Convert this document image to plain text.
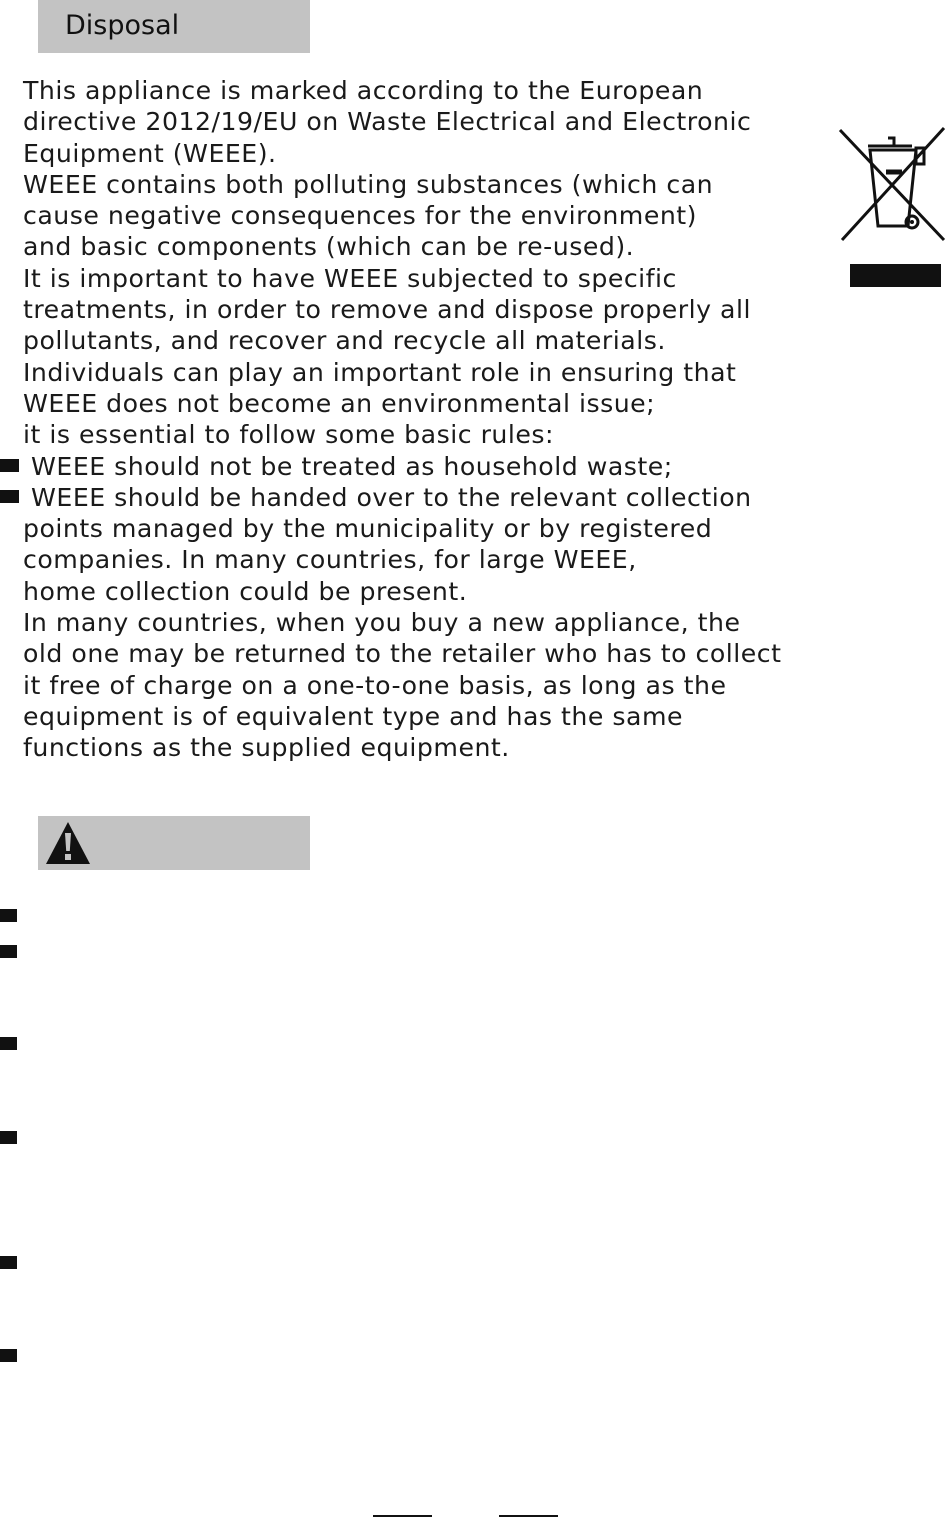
Disposal
This appliance is marked according to the European
directive 2012/19/EU on Waste Electrical and Electronic
Equipment (WEEE).
WEEE contains both polluting substances (which can
cause negative consequences for the environment)
and basic components (which can be re-used).
It is important to have WEEE subjected to specific
treatments, in order to remove and dispose properly all
pollutants, and recover and recycle all materials.
Individuals can play an important role in ensuring that
WEEE does not become an environmental issue;
it is essential to follow some basic rules:
WEEE should not be treated as household waste;
WEEE should be handed over to the relevant collection
points managed by the municipality or by registered
companies. In many countries, for large WEEE,
home collection could be present.
In many countries, when you buy a new appliance, the
old one may be returned to the retailer who has to collect
it free of charge on a one-to-one basis, as long as the
equipment is of equivalent type and has the same
functions as the supplied equipment.
